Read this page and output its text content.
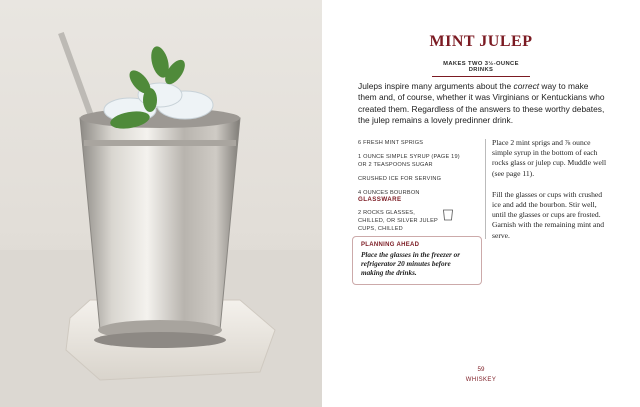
MINT JULEP
MAKES TWO 3½-OUNCE DRINKS
Juleps inspire many arguments about the correct way to make them and, of course, whether it was Virginians or Kentuckians who created them. Regardless of the answers to these worthy debates, the julep remains a lovely predinner drink.
6 FRESH MINT SPRIGS
1 OUNCE SIMPLE SYRUP (PAGE 19) OR 2 TEASPOONS SUGAR
CRUSHED ICE FOR SERVING
4 OUNCES BOURBON
GLASSWARE
2 ROCKS GLASSES, CHILLED, OR SILVER JULEP CUPS, CHILLED
PLANNING AHEAD
Place the glasses in the freezer or refrigerator 20 minutes before making the drinks.

Place 2 mint sprigs and ⅞ ounce simple syrup in the bottom of each rocks glass or julep cup. Muddle well (see page 11).

Fill the glasses or cups with crushed ice and add the bourbon. Stir well, until the glasses or cups are frosted. Garnish with the remaining mint and serve.

59
WHISKEY
